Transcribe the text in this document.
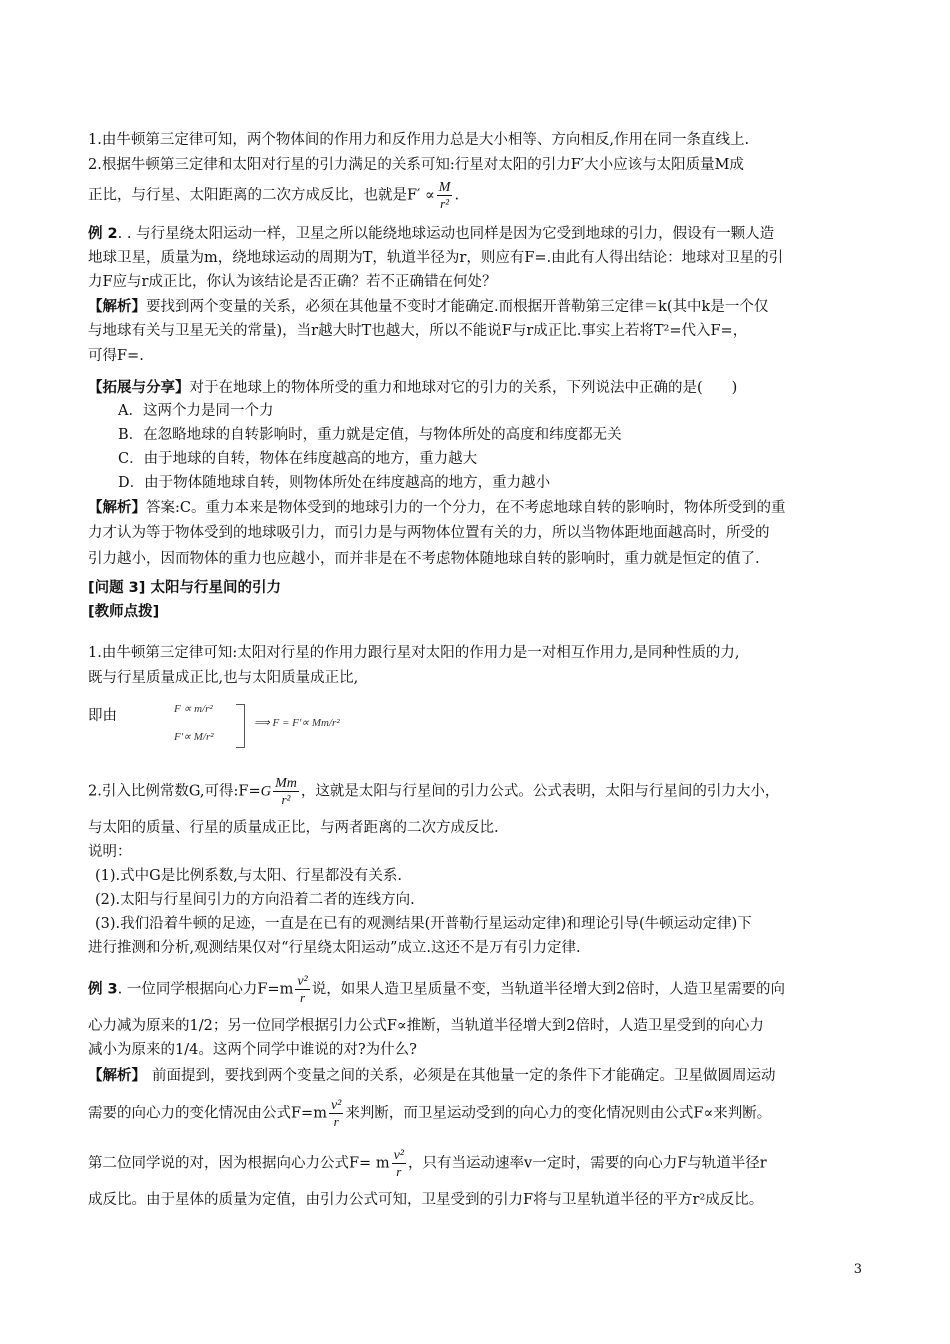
1.由牛顿第三定律可知，两个物体间的作用力和反作用力总是大小相等、方向相反,作用在同一条直线上.
2.根据牛顿第三定律和太阳对行星的引力满足的关系可知:行星对太阳的引力F′大小应该与太阳质量M成
正比，与行星、太阳距离的二次方成反比，也就是$F' \propto \frac{M}{\text{r²}}$ .
例 2. . 与行星绕太阳运动一样，卫星之所以能绕地球运动也同样是因为它受到地球的引力，假设有一颗人造
地球卫星，质量为m，绕地球运动的周期为T，轨道半径为r，则应有F=.由此有人得出结论：地球对卫星的引
力F应与r成正比，你认为该结论是否正确？若不正确错在何处？
【解析】要找到两个变量的关系，必须在其他量不变时才能确定.而根据开普勒第三定律＝k(其中k是一个仅
与地球有关与卫星无关的常量)，当r越大时T也越大，所以不能说F与r成正比.事实上若将T²=代入F=，
可得F=.
【拓展与分享】对于在地球上的物体所受的重力和地球对它的引力的关系，下列说法中正确的是(　　)
A．这两个力是同一个力
B．在忽略地球的自转影响时，重力就是定值，与物体所处的高度和纬度都无关
C．由于地球的自转，物体在纬度越高的地方，重力越大
D．由于物体随地球自转，则物体所处在纬度越高的地方，重力越小
【解析】答案:C。重力本来是物体受到的地球引力的一个分力，在不考虑地球自转的影响时，物体所受到的重
力才认为等于物体受到的地球吸引力，而引力是与两物体位置有关的力，所以当物体距地面越高时，所受的
引力越小，因而物体的重力也应越小，而并非是在不考虑物体随地球自转的影响时，重力就是恒定的值了.
[问题 3] 太阳与行星间的引力
[教师点拨]
1.由牛顿第三定律可知:太阳对行星的作用力跟行星对太阳的作用力是一对相互作用力,是同种性质的力,
既与行星质量成正比,也与太阳质量成正比,
即由	F ∝ m/r²
F′∝ M/r²
⟹ F = F′∝ Mm/r²
2.引入比例常数G,可得:F=G $\frac{Mm}{\text{r²}}$ ，这就是太阳与行星间的引力公式。公式表明，太阳与行星间的引力大小，
与太阳的质量、行星的质量成正比，与两者距离的二次方成反比.
说明：
(1).式中G是比例系数,与太阳、行星都没有关系.
(2).太阳与行星间引力的方向沿着二者的连线方向.
(3).我们沿着牛顿的足迹，一直是在已有的观测结果(开普勒行星运动定律)和理论引导(牛顿运动定律)下
进行推测和分析,观测结果仅对“行星绕太阳运动”成立.这还不是万有引力定律.
例 3. 一位同学根据向心力$F=m \frac{\text{v²}}{r}$ 说，如果人造卫星质量不变，当轨道半径增大到2倍时，人造卫星需要的向
心力减为原来的1/2；另一位同学根据引力公式F∝推断，当轨道半径增大到2倍时，人造卫星受到的向心力
减小为原来的1/4。这两个同学中谁说的对?为什么?
【解析】 前面提到，要找到两个变量之间的关系，必须是在其他量一定的条件下才能确定。卫星做圆周运动
需要的向心力的变化情况由公式$F=m \frac{\text{v²}}{r}$ 来判断，而卫星运动受到的向心力的变化情况则由公式F∝来判断。
第二位同学说的对，因为根据向心力公式F= m $\frac{\text{v²}}{r}$ ，只有当运动速率v一定时，需要的向心力F与轨道半径r
成反比。由于星体的质量为定值，由引力公式可知，卫星受到的引力F将与卫星轨道半径的平方r²成反比。
3
